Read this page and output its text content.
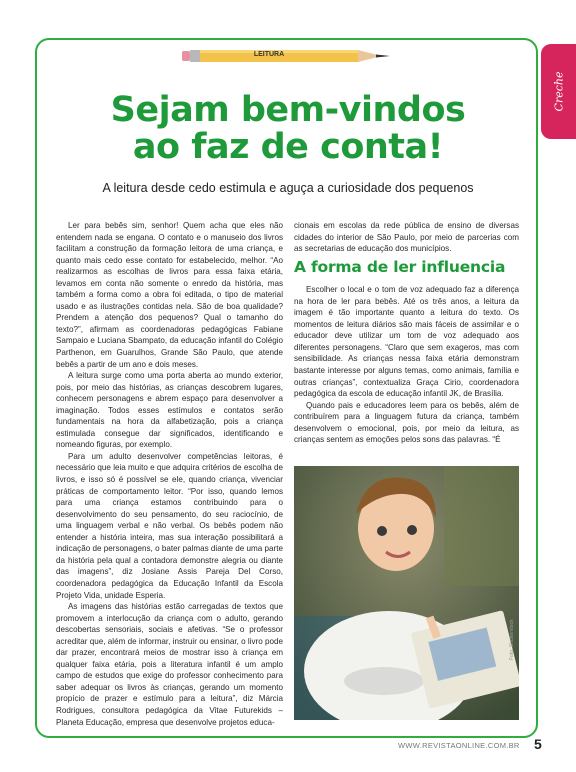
Creche
LEITURA
Sejam bem-vindos
ao faz de conta!
A leitura desde cedo estimula e aguça a curiosidade dos pequenos

Ler para bebês sim, senhor! Quem acha que eles não entendem nada se engana. O contato e o manuseio dos livros facilitam a construção da formação leitora de uma criança, e quanto mais cedo esse contato for estabelecido, melhor. “Ao realizarmos as escolhas de livros para essa faixa etária, levamos em conta não somente o enredo da história, mas também a forma como a obra foi editada, o tipo de material usado e as ilustrações contidas nela. São de boa qualidade? Prendem a atenção dos pequenos? Qual o tamanho do texto?”, afirmam as coordenadoras pedagógicas Fabiane Sampaio e Luciana Sbampato, da educação infantil do Colégio Parthenon, em Guarulhos, Grande São Paulo, que atende bebês a partir de um ano e dois meses.

A leitura surge como uma porta aberta ao mundo exterior, pois, por meio das histórias, as crianças descobrem lugares, conhecem personagens e abrem espaço para desenvolver a imaginação. Todos esses estímulos e contatos serão fundamentais na hora da alfabetização, pois a criança estimulada consegue dar significados, identificando e nomeando figuras, por exemplo.

Para um adulto desenvolver competências leitoras, é necessário que leia muito e que adquira critérios de escolha de livros, e isso só é possível se ele, quando criança, vivenciar práticas de comportamento leitor. “Por isso, quando lemos para uma criança estamos contribuindo para o desenvolvimento do seu pensamento, do seu raciocínio, de uma linguagem verbal e não verbal. Os bebês podem não entender a história inteira, mas sua interação possibilitará a indicação de personagens, o bater palmas diante de uma parte da história pela qual a contadora demonstre alegria ou diante das imagens”, diz Josiane Assis Pareja Del Corso, coordenadora pedagógica da Educação Infantil da Escola Projeto Vida, unidade Esperia.

As imagens das histórias estão carregadas de textos que promovem a interlocução da criança com o adulto, gerando descobertas sensoriais, sociais e afetivas. “Se o professor acreditar que, além de informar, instruir ou ensinar, o livro pode dar prazer, encontrará meios de mostrar isso à criança em qualquer faixa etária, pois a literatura infantil é um amplo campo de estudos que exige do professor conhecimento para saber adequar os livros às crianças, gerando um momento propício de prazer e estímulo para a leitura”, diz Márcia Rodrigues, consultora pedagógica da Vitae Futurekids – Planeta Educação, empresa que desenvolve projetos educa-

cionais em escolas da rede pública de ensino de diversas cidades do interior de São Paulo, por meio de parcerias com as secretarias de educação dos municípios.

A forma de ler influencia

Escolher o local e o tom de voz adequado faz a diferença na hora de ler para bebês. Até os três anos, a leitura da imagem é tão importante quanto a leitura do texto. Os momentos de leitura diários são mais fáceis de assimilar e o educador deve utilizar um tom de voz adequado aos diferentes personagens. “Claro que sem exageros, mas com sensibilidade. As crianças nessa faixa etária demonstram bastante interesse por alguns temas, como animais, família e outras crianças”, contextualiza Graça Cirio, coordenadora pedagógica da escola de educação infantil JK, de Brasília.

Quando pais e educadores leem para os bebês, além de contribuírem para a linguagem futura da criança, também desenvolvem o emocional, pois, por meio da leitura, as crianças sentem as emoções pelos sons das palavras. “É

Foto: Shutterstock
WWW.REVISTAONLINE.COM.BR 5
